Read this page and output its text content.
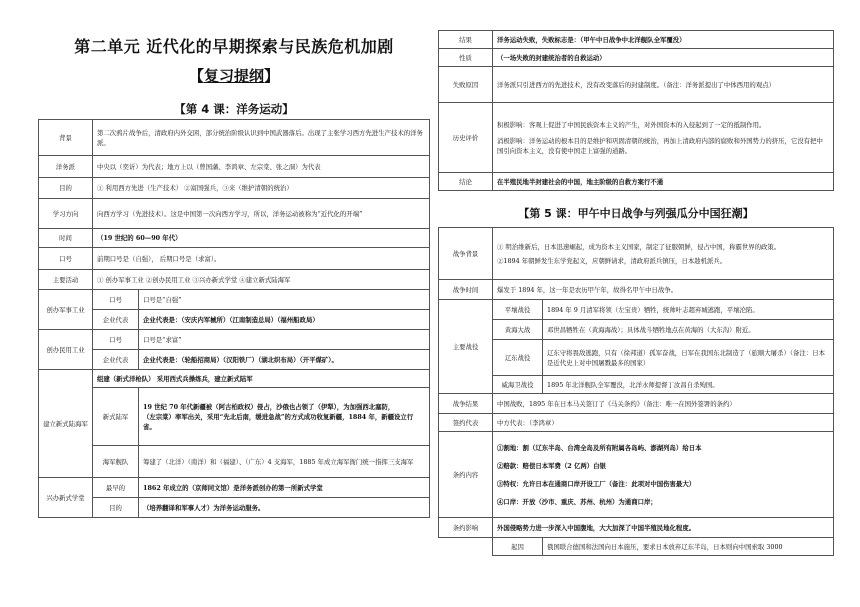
第二单元 近代化的早期探索与民族危机加剧
【复习提纲】
【第 4 课：洋务运动】
背景	第二次鸦片战争后，清政府内外交困，部分统治阶级认识到中国武器落后。出现了主张学习西方先进生产技术的洋务派。	
洋务派	中央以（奕䜣）为代表；地方上以（曾国藩、李鸿章、左宗棠、张之洞）为代表	
目的	① 利用西方先进（生产技术） ②富国强兵，③来（维护清朝的统治）	
学习方向	向西方学习（先进技术）。这是中国第一次向西方学习，所以，洋务运动被称为“近代化的开端”	
时间	（19 世纪的 60—90 年代）	
口号	前期口号是（自强）， 后期口号是（求富）。	
主要活动	① 创办军事工业 ②创办民用工业 ③兴办新式学堂 ④建立新式陆海军	
创办军事工业	口号	口号是“自强”
	企业代表	企业代表是：（安庆内军械所）（江南制造总局）（福州船政局）
创办民用工业	口号	口号是“求富”
	企业代表	企业代表是：（轮船招商局）（汉阳铁厂）（湖北织布局）（开平煤矿）。
建立新式陆海军	组建（新式洋枪队） 采用西式兵操练兵，建立新式陆军	
	新式陆军	19 世纪 70 年代新疆被（阿古柏政权）侵占，沙俄也占领了（伊犁），为加强西北塞防，
（左宗棠）率军出关，采用“先北后南，缓进急战”的方式成功收复新疆，1884 年，新疆设立行省。

	海军舰队	筹建了（北洋）（南洋）和（福建）、（广东）4 支海军，1885 年成立海军衙门统一指挥三支海军
兴办新式学堂	最早的	1862 年成立的（京师同文馆）是洋务派创办的第一所新式学堂
	目的	（培养翻译和军事人才）为洋务运动服务。
结果	洋务运动失败，失败标志是：（甲午中日战争中北洋舰队全军覆没）
性质	（一场失败的封建统治者的自救运动）
失败原因	洋务派只引进西方的先进技术，没有改变落后的封建制度。（备注：洋务派提出了中体西用的观点）
历史评价	积极影响：客观上促进了中国民族资本主义的产生，对外国资本的入侵起到了一定的抵制作用。
消极影响：洋务运动的根本目的是维护和巩固清朝的统治，再加上清政府内部的腐败和外国势力的挤压，它没有把中国引向资本主义，没有使中国走上富强的道路。

结论	在半殖民地半封建社会的中国，地主阶级的自救方案行不通
【第 5 课：甲午中日战争与列强瓜分中国狂潮】
战争背景	① 明治维新后，日本迅速崛起，成为资本主义国家，制定了征服朝鲜，侵占中国，称霸世界的政策。
②1894 年朝鲜发生东学党起义，应朝鲜请求，清政府派兵镇压，日本趁机派兵。	

战争时间	爆发于 1894 年，这一年是农历甲午年，故得名甲午中日战争。	
主要战役	平壤战役	1894 年 9 月清军将领（左宝贵）牺牲，统帅叶志超弃城逃跑，平壤沦陷。
	黄海大战	邓世昌牺牲在（黄海海战）；具体战斗牺牲地点在黄海的（大东沟）附近。
	辽东战役	辽东守将畏敌逃跑，只有（徐邦道）孤军奋战，日军在我国东北制造了（旅顺大屠杀）（备注：日本是近代史上对中国屠戮最多的国家）
	威海卫战役	1895 年北洋舰队全军覆没，北洋水师提督丁汝昌自杀殉国。
战争结果	中国战败，1895 年在日本马关签订了《马关条约》（备注：唯一在国外签署的条约）	
签约代表	中方代表：（李鸿章）	
条约内容	①割地：割（辽东半岛、台湾全岛及所有附属各岛屿、澎湖列岛）给日本
②赔款：赔偿日本军费（2 亿两）白银
③特权：允许日本在通商口岸开设工厂（备注：此项对中国伤害最大）
④口岸：开放（沙市、重庆、苏州、杭州）为通商口岸；	

条约影响	外国侵略势力进一步深入中国腹地，大大加深了中国半殖民地化程度。	
	起因	俄国联合德国和法国向日本施压，要求日本放弃辽东半岛，日本则向中国索取 3000
